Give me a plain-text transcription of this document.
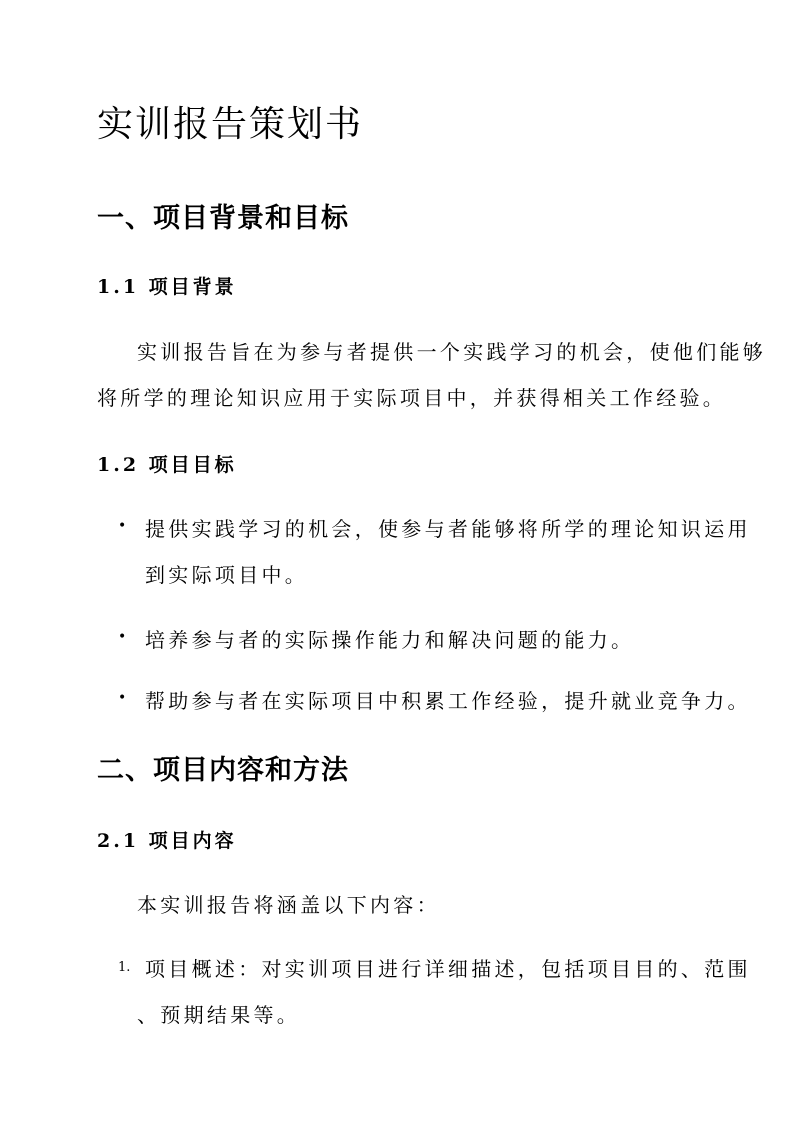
实训报告策划书
一、项目背景和目标
1.1 项目背景

实训报告旨在为参与者提供一个实践学习的机会，使他们能够

将所学的理论知识应用于实际项目中，并获得相关工作经验。

1.2 项目目标
• 提供实践学习的机会，使参与者能够将所学的理论知识运用

到实际项目中。

• 培养参与者的实际操作能力和解决问题的能力。

• 帮助参与者在实际项目中积累工作经验，提升就业竞争力。

二、项目内容和方法
2.1 项目内容

本实训报告将涵盖以下内容：

1. 项目概述：对实训项目进行详细描述，包括项目目的、范围

、预期结果等。
